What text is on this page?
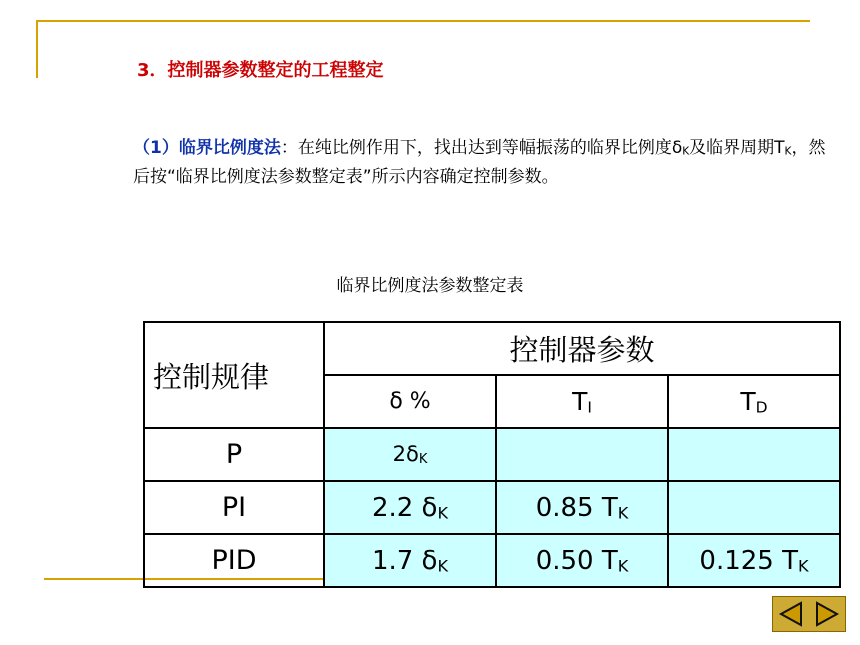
3．控制器参数整定的工程整定
（1）临界比例度法：在纯比例作用下，找出达到等幅振荡的临界比例度$\delta_K$及临界周期$T_K$，然后按“临界比例度法参数整定表”所示内容确定控制参数。
临界比例度法参数整定表
控制规律	控制器参数		
	δ %	$T_I$	$T_D$
P	$2\delta_K$		
PI	2.2 $\delta_K$	0.85 $T_K$	
PID	1.7 $\delta_K$	0.50 $T_K$	0.125 $T_K$
